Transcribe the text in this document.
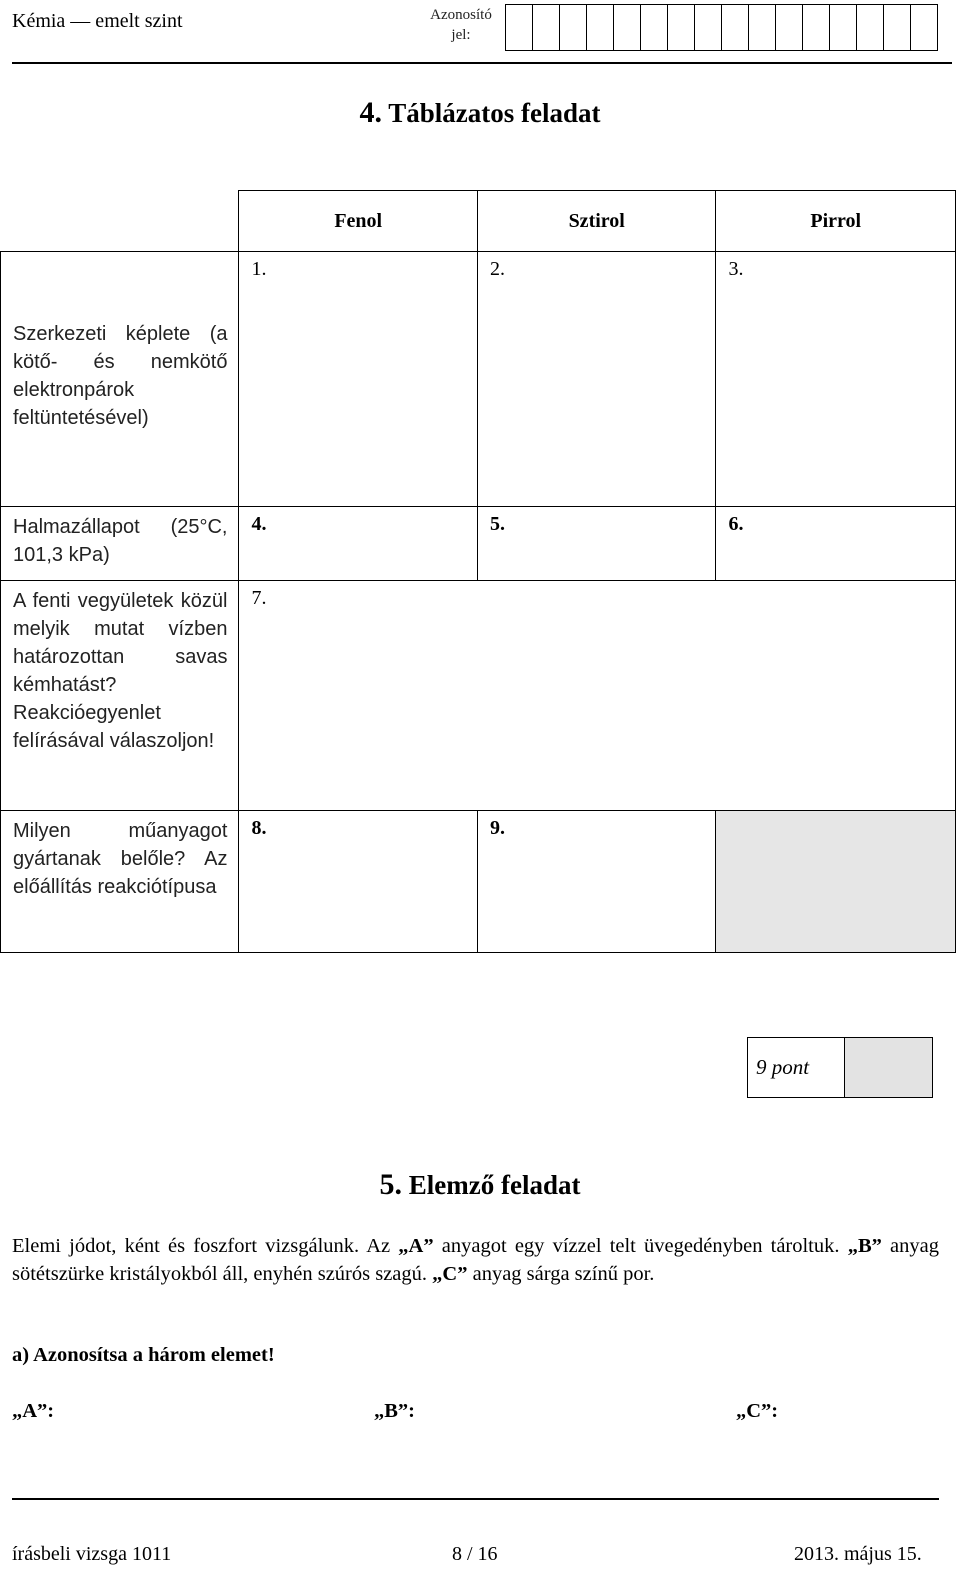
Kémia — emelt szint	Azonosító jel:
4. Táblázatos feladat
	Fenol	Sztirol	Pirrol
Szerkezeti képlete (a kötő- és nemkötő elektronpárok feltüntetésével)	1.	2.	3.
Halmazállapot (25°C, 101,3 kPa)	4.	5.	6.
A fenti vegyületek közül melyik mutat vízben határozottan savas kémhatást? Reakcióegyenlet felírásával válaszoljon!	7.		
Milyen műanyagot gyártanak belőle? Az előállítás reakciótípusa	8.	9.	
9 pont
5. Elemző feladat
Elemi jódot, ként és foszfort vizsgálunk. Az „A” anyagot egy vízzel telt üvegedényben tároltuk. „B” anyag sötétszürke kristályokból áll, enyhén szúrós szagú. „C” anyag sárga színű por.
a) Azonosítsa a három elemet!
„A”:	„B”:	„C”:
írásbeli vizsga 1011	8 / 16	2013. május 15.
